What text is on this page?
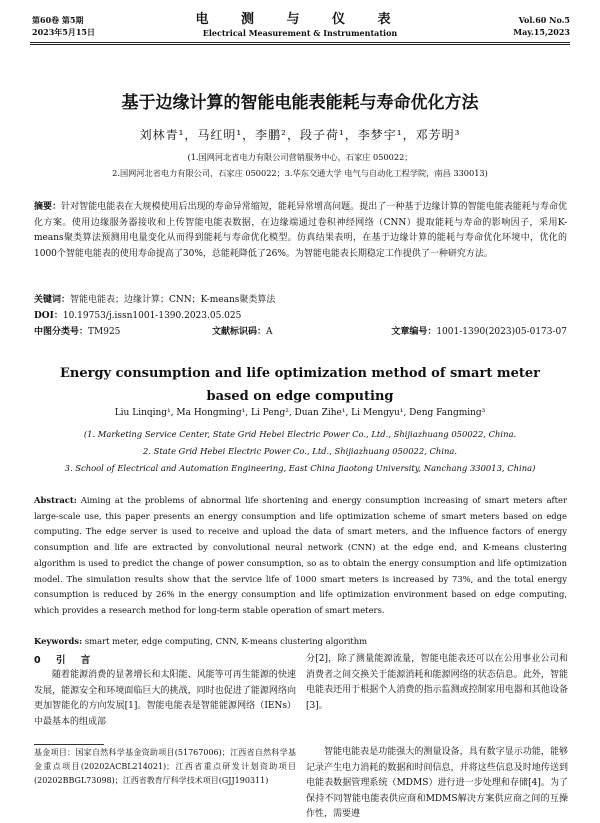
第60卷 第5期
2023年5月15日
电 测 与 仪 表
Electrical Measurement & Instrumentation
Vol.60 No.5
May.15,2023
基于边缘计算的智能电能表能耗与寿命优化方法
刘林青¹，马红明¹，李鹏²，段子荷¹，李梦宇¹，邓芳明³
(1.国网河北省电力有限公司营销服务中心，石家庄 050022；
2.国网河北省电力有限公司，石家庄 050022；3.华东交通大学 电气与自动化工程学院，南昌 330013)
摘要：针对智能电能表在大规模使用后出现的寿命异常缩短，能耗异常增高问题。提出了一种基于边缘计算的智能电能表能耗与寿命优化方案。使用边缘服务器接收和上传智能电能表数据，在边缘端通过卷积神经网络（CNN）提取能耗与寿命的影响因子，采用K-means聚类算法预测用电量变化从而得到能耗与寿命优化模型。仿真结果表明，在基于边缘计算的能耗与寿命优化环境中，优化的1000个智能电能表的使用寿命提高了30%，总能耗降低了26%。为智能电能表长期稳定工作提供了一种研究方法。
关键词：智能电能表；边缘计算；CNN；K-means聚类算法
DOI：10.19753/j.issn1001-1390.2023.05.025
中图分类号：TM925	文献标识码：A	文章编号：1001-1390(2023)05-0173-07
Energy consumption and life optimization method of smart meter
based on edge computing
Liu Linqing¹, Ma Hongming¹, Li Peng², Duan Zihe¹, Li Mengyu¹, Deng Fangming³
(1. Marketing Service Center, State Grid Hebei Electric Power Co., Ltd., Shijiazhuang 050022, China.
2. State Grid Hebei Electric Power Co., Ltd., Shijiazhuang 050022, China.
3. School of Electrical and Automation Engineering, East China Jiaotong University, Nanchang 330013, China)
Abstract: Aiming at the problems of abnormal life shortening and energy consumption increasing of smart meters after large-scale use, this paper presents an energy consumption and life optimization scheme of smart meters based on edge computing. The edge server is used to receive and upload the data of smart meters, and the influence factors of energy consumption and life are extracted by convolutional neural network (CNN) at the edge end, and K-means clustering algorithm is used to predict the change of power consumption, so as to obtain the energy consumption and life optimization model. The simulation results show that the service life of 1000 smart meters is increased by 73%, and the total energy consumption is reduced by 26% in the energy consumption and life optimization environment based on edge computing, which provides a research method for long-term stable operation of smart meters.
Keywords: smart meter, edge computing, CNN, K-means clustering algorithm
0 引 言
随着能源消费的显著增长和太阳能、风能等可再生能源的快速发展，能源安全和环境面临巨大的挑战，同时也促进了能源网络向更加智能化的方向发展[1]。智能电能表是智能能源网络（IENs）中最基本的组成部
基金项目：国家自然科学基金资助项目(51767006)；江西省自然科学基金重点项目(20202ACBL214021)；江西省重点研发计划资助项目(20202BBGL73098)；江西省教育厅科学技术项目(GJJ190311)
分[2]，除了测量能源流量，智能电能表还可以在公用事业公司和消费者之间交换关于能源消耗和能源网络的状态信息。此外，智能电能表还用于根据个人消费的指示监测或控制家用电器和其他设备[3]。
智能电能表是功能强大的测量设备，具有数字显示功能，能够记录产生电力消耗的数据和时间信息，并将这些信息及时地传送到电能表数据管理系统（MDMS）进行进一步处理和存储[4]。为了保持不同智能电能表供应商和MDMS解决方案供应商之间的互操作性，需要遵
